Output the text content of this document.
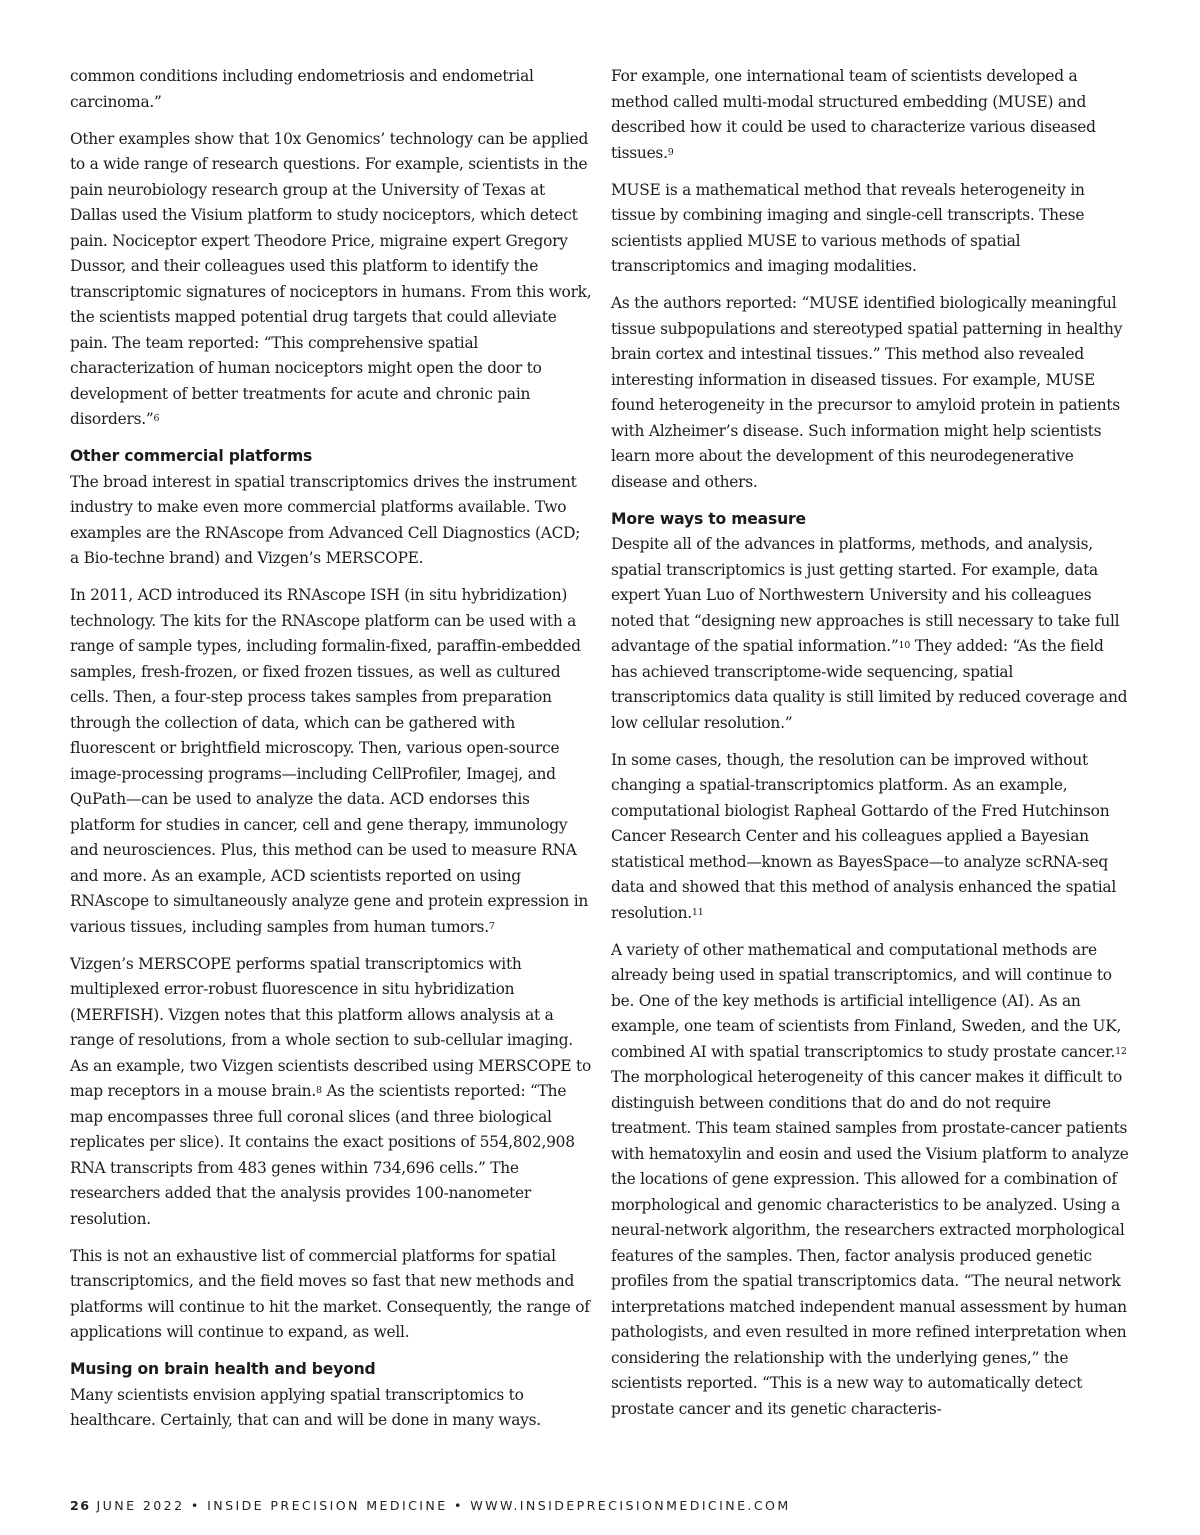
common conditions including endometriosis and endometrial carcinoma.”

Other examples show that 10x Genomics’ technology can be applied to a wide range of research questions. For example, scientists in the pain neurobiology research group at the University of Texas at Dallas used the Visium platform to study nociceptors, which detect pain. Nociceptor expert Theodore Price, migraine expert Gregory Dussor, and their colleagues used this platform to identify the transcriptomic signatures of nociceptors in humans. From this work, the scientists mapped potential drug targets that could alleviate pain. The team reported: “This comprehensive spatial characterization of human nociceptors might open the door to development of better treatments for acute and chronic pain disorders.”$^6$

Other commercial platforms

The broad interest in spatial transcriptomics drives the instrument industry to make even more commercial platforms available. Two examples are the RNAscope from Advanced Cell Diagnostics (ACD; a Bio-techne brand) and Vizgen’s MERSCOPE.

In 2011, ACD introduced its RNAscope ISH (in situ hybridization) technology. The kits for the RNAscope platform can be used with a range of sample types, including formalin-fixed, paraffin-embedded samples, fresh-frozen, or fixed frozen tissues, as well as cultured cells. Then, a four-step process takes samples from preparation through the collection of data, which can be gathered with fluorescent or brightfield microscopy. Then, various open-source image-processing programs—including CellProfiler, Imagej, and QuPath—can be used to analyze the data. ACD endorses this platform for studies in cancer, cell and gene therapy, immunology and neurosciences. Plus, this method can be used to measure RNA and more. As an example, ACD scientists reported on using RNAscope to simultaneously analyze gene and protein expression in various tissues, including samples from human tumors.$^7$

Vizgen’s MERSCOPE performs spatial transcriptomics with multiplexed error-robust fluorescence in situ hybridization (MERFISH). Vizgen notes that this platform allows analysis at a range of resolutions, from a whole section to sub-cellular imaging. As an example, two Vizgen scientists described using MERSCOPE to map receptors in a mouse brain.$^8$ As the scientists reported: “The map encompasses three full coronal slices (and three biological replicates per slice). It contains the exact positions of 554,802,908 RNA transcripts from 483 genes within 734,696 cells.” The researchers added that the analysis provides 100-nanometer resolution.

This is not an exhaustive list of commercial platforms for spatial transcriptomics, and the field moves so fast that new methods and platforms will continue to hit the market. Consequently, the range of applications will continue to expand, as well.

Musing on brain health and beyond

Many scientists envision applying spatial transcriptomics to healthcare. Certainly, that can and will be done in many ways.

For example, one international team of scientists developed a method called multi-modal structured embedding (MUSE) and described how it could be used to characterize various diseased tissues.$^9$

MUSE is a mathematical method that reveals heterogeneity in tissue by combining imaging and single-cell transcripts. These scientists applied MUSE to various methods of spatial transcriptomics and imaging modalities.

As the authors reported: “MUSE identified biologically meaningful tissue subpopulations and stereotyped spatial patterning in healthy brain cortex and intestinal tissues.” This method also revealed interesting information in diseased tissues. For example, MUSE found heterogeneity in the precursor to amyloid protein in patients with Alzheimer’s disease. Such information might help scientists learn more about the development of this neurodegenerative disease and others.

More ways to measure

Despite all of the advances in platforms, methods, and analysis, spatial transcriptomics is just getting started. For example, data expert Yuan Luo of Northwestern University and his colleagues noted that “designing new approaches is still necessary to take full advantage of the spatial information.”$^{10}$ They added: “As the field has achieved transcriptome-wide sequencing, spatial transcriptomics data quality is still limited by reduced coverage and low cellular resolution.”

In some cases, though, the resolution can be improved without changing a spatial-transcriptomics platform. As an example, computational biologist Rapheal Gottardo of the Fred Hutchinson Cancer Research Center and his colleagues applied a Bayesian statistical method—known as BayesSpace—to analyze scRNA-seq data and showed that this method of analysis enhanced the spatial resolution.$^{11}$

A variety of other mathematical and computational methods are already being used in spatial transcriptomics, and will continue to be. One of the key methods is artificial intelligence (AI). As an example, one team of scientists from Finland, Sweden, and the UK, combined AI with spatial transcriptomics to study prostate cancer.$^{12}$ The morphological heterogeneity of this cancer makes it difficult to distinguish between conditions that do and do not require treatment. This team stained samples from prostate-cancer patients with hematoxylin and eosin and used the Visium platform to analyze the locations of gene expression. This allowed for a combination of morphological and genomic characteristics to be analyzed. Using a neural-network algorithm, the researchers extracted morphological features of the samples. Then, factor analysis produced genetic profiles from the spatial transcriptomics data. “The neural network interpretations matched independent manual assessment by human pathologists, and even resulted in more refined interpretation when considering the relationship with the underlying genes,” the scientists reported. “This is a new way to automatically detect prostate cancer and its genetic characteris-

26 JUNE 2022 • INSIDE PRECISION MEDICINE • WWW.INSIDEPRECISIONMEDICINE.COM
